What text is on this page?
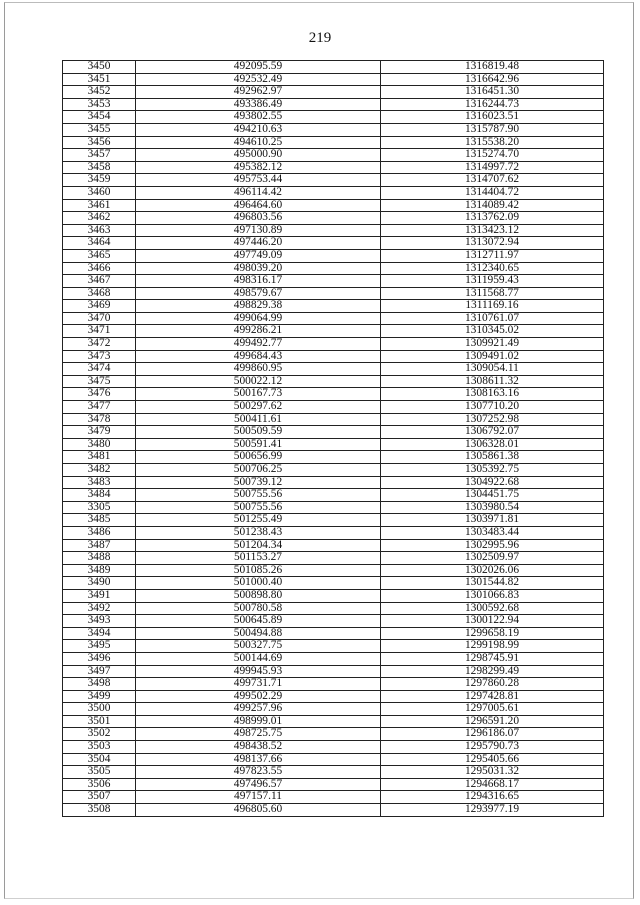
219
3450	492095.59	1316819.48
3451	492532.49	1316642.96
3452	492962.97	1316451.30
3453	493386.49	1316244.73
3454	493802.55	1316023.51
3455	494210.63	1315787.90
3456	494610.25	1315538.20
3457	495000.90	1315274.70
3458	495382.12	1314997.72
3459	495753.44	1314707.62
3460	496114.42	1314404.72
3461	496464.60	1314089.42
3462	496803.56	1313762.09
3463	497130.89	1313423.12
3464	497446.20	1313072.94
3465	497749.09	1312711.97
3466	498039.20	1312340.65
3467	498316.17	1311959.43
3468	498579.67	1311568.77
3469	498829.38	1311169.16
3470	499064.99	1310761.07
3471	499286.21	1310345.02
3472	499492.77	1309921.49
3473	499684.43	1309491.02
3474	499860.95	1309054.11
3475	500022.12	1308611.32
3476	500167.73	1308163.16
3477	500297.62	1307710.20
3478	500411.61	1307252.98
3479	500509.59	1306792.07
3480	500591.41	1306328.01
3481	500656.99	1305861.38
3482	500706.25	1305392.75
3483	500739.12	1304922.68
3484	500755.56	1304451.75
3305	500755.56	1303980.54
3485	501255.49	1303971.81
3486	501238.43	1303483.44
3487	501204.34	1302995.96
3488	501153.27	1302509.97
3489	501085.26	1302026.06
3490	501000.40	1301544.82
3491	500898.80	1301066.83
3492	500780.58	1300592.68
3493	500645.89	1300122.94
3494	500494.88	1299658.19
3495	500327.75	1299198.99
3496	500144.69	1298745.91
3497	499945.93	1298299.49
3498	499731.71	1297860.28
3499	499502.29	1297428.81
3500	499257.96	1297005.61
3501	498999.01	1296591.20
3502	498725.75	1296186.07
3503	498438.52	1295790.73
3504	498137.66	1295405.66
3505	497823.55	1295031.32
3506	497496.57	1294668.17
3507	497157.11	1294316.65
3508	496805.60	1293977.19
